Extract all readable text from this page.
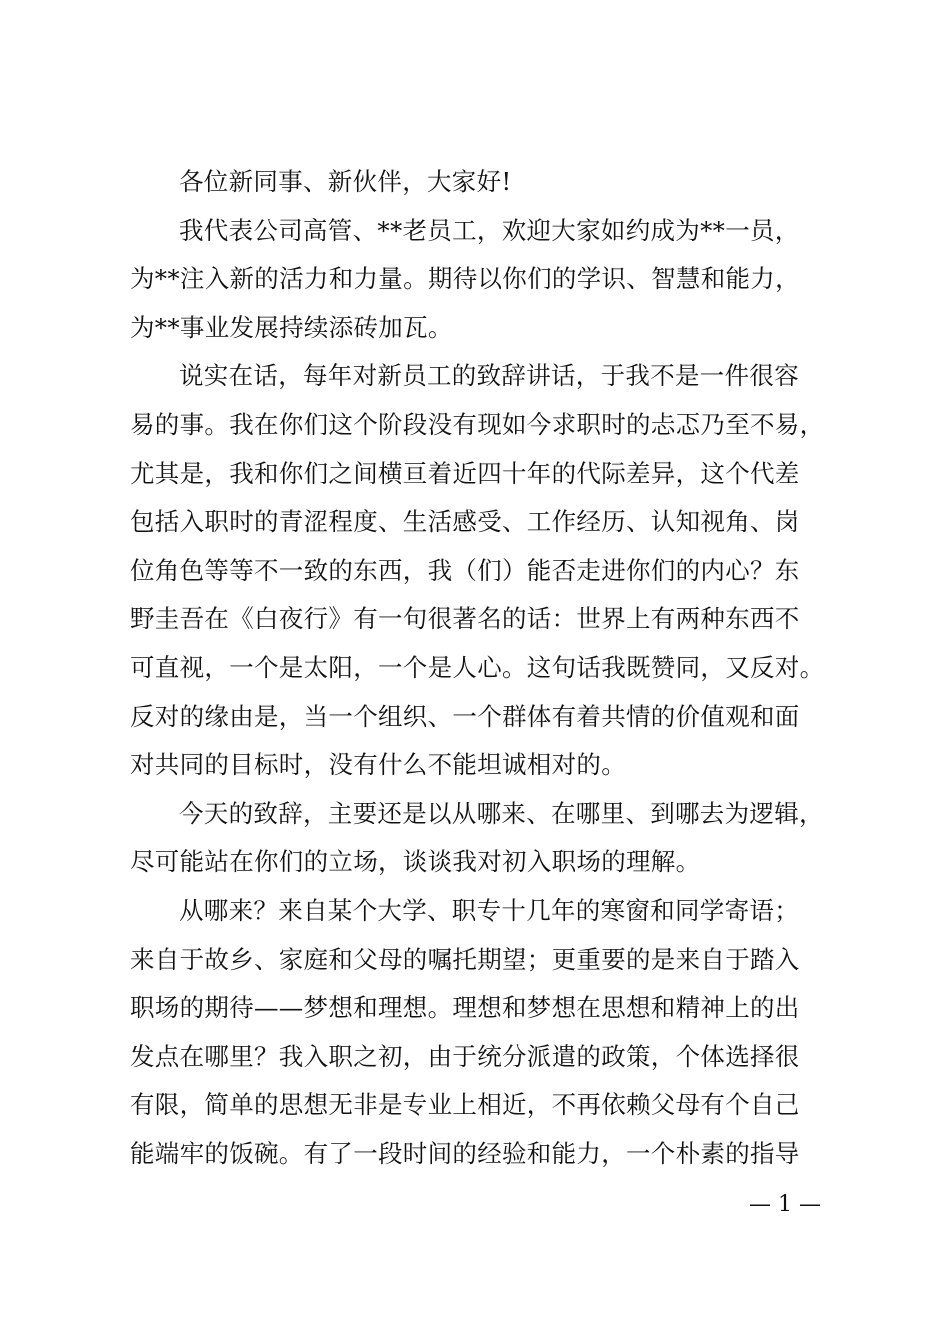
各位新同事、新伙伴，大家好!
我代表公司高管、**老员工，欢迎大家如约成为**一员，
为**注入新的活力和力量。期待以你们的学识、智慧和能力，
为**事业发展持续添砖加瓦。
说实在话，每年对新员工的致辞讲话，于我不是一件很容
易的事。我在你们这个阶段没有现如今求职时的忐忑乃至不易，
尤其是，我和你们之间横亘着近四十年的代际差异，这个代差
包括入职时的青涩程度、生活感受、工作经历、认知视角、岗
位角色等等不一致的东西，我（们）能否走进你们的内心？东
野圭吾在《白夜行》有一句很著名的话：世界上有两种东西不
可直视，一个是太阳，一个是人心。这句话我既赞同，又反对。
反对的缘由是，当一个组织、一个群体有着共情的价值观和面
对共同的目标时，没有什么不能坦诚相对的。
今天的致辞，主要还是以从哪来、在哪里、到哪去为逻辑，
尽可能站在你们的立场，谈谈我对初入职场的理解。
从哪来？来自某个大学、职专十几年的寒窗和同学寄语；
来自于故乡、家庭和父母的嘱托期望；更重要的是来自于踏入
职场的期待——梦想和理想。理想和梦想在思想和精神上的出
发点在哪里？我入职之初，由于统分派遣的政策，个体选择很
有限，简单的思想无非是专业上相近，不再依赖父母有个自己
能端牢的饭碗。有了一段时间的经验和能力，一个朴素的指导
— 1 —
